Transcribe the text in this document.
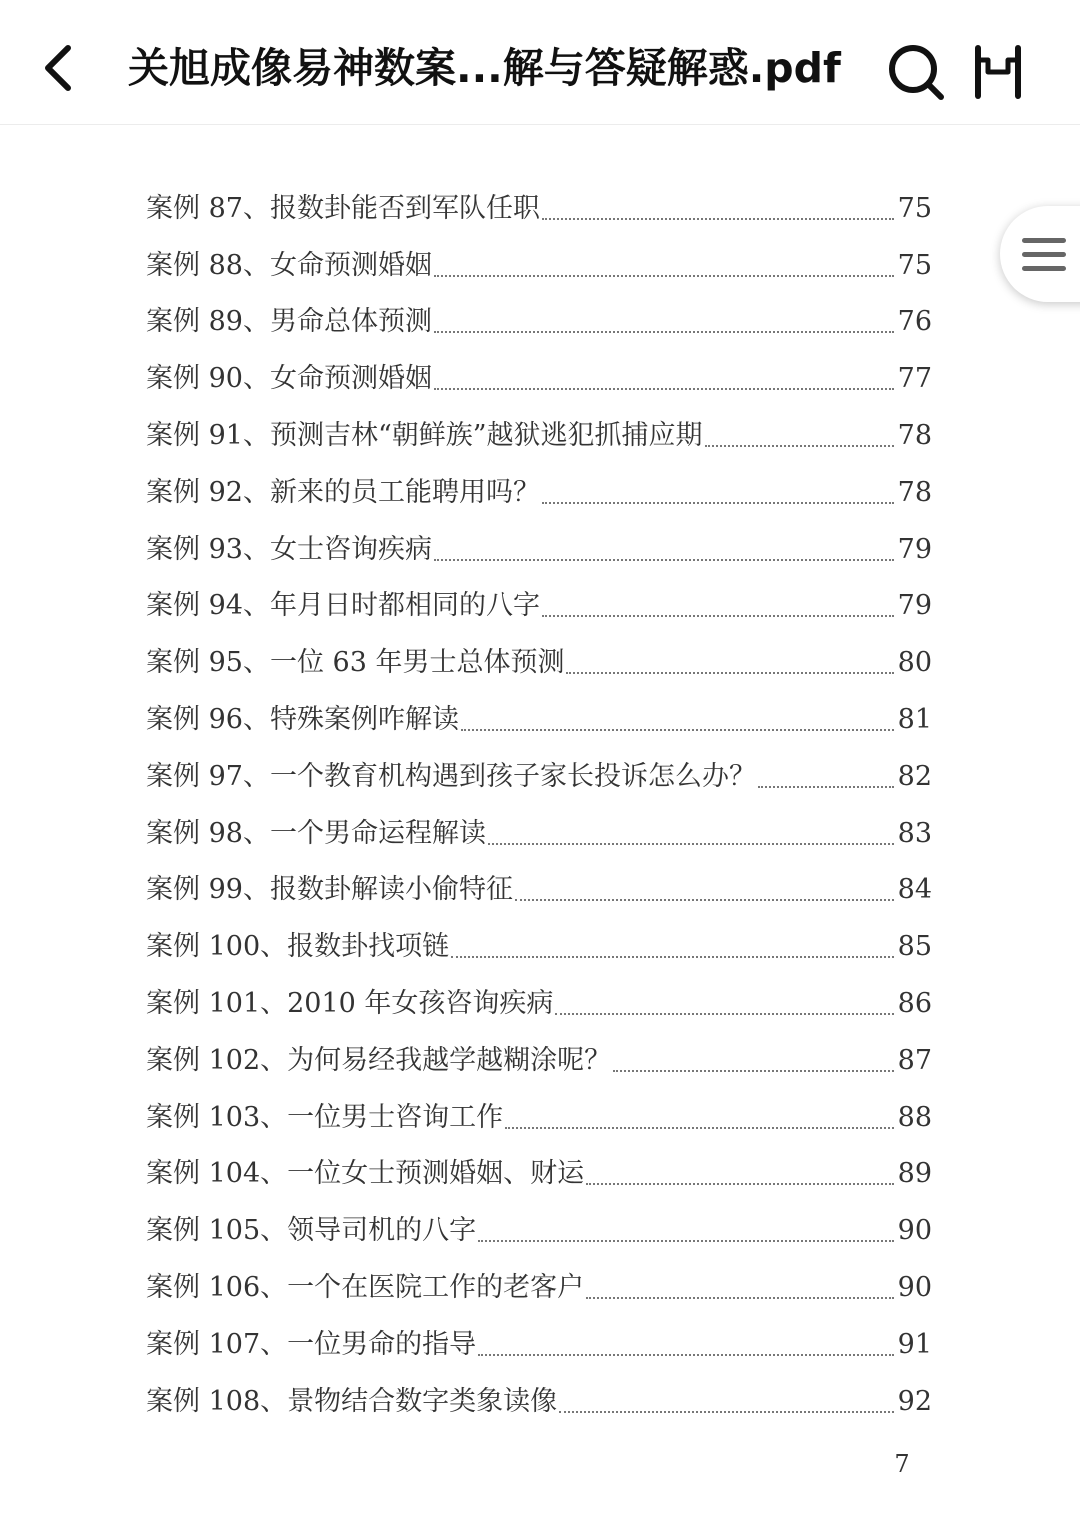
关旭成像易神数案...解与答疑解惑.pdf
案例 87、报数卦能否到军队任职	75
案例 88、女命预测婚姻	75
案例 89、男命总体预测	76
案例 90、女命预测婚姻	77
案例 91、预测吉林“朝鲜族”越狱逃犯抓捕应期	78
案例 92、新来的员工能聘用吗？	78
案例 93、女士咨询疾病	79
案例 94、年月日时都相同的八字	79
案例 95、一位 63 年男士总体预测	80
案例 96、特殊案例咋解读	81
案例 97、一个教育机构遇到孩子家长投诉怎么办？	82
案例 98、一个男命运程解读	83
案例 99、报数卦解读小偷特征	84
案例 100、报数卦找项链	85
案例 101、2010 年女孩咨询疾病	86
案例 102、为何易经我越学越糊涂呢？	87
案例 103、一位男士咨询工作	88
案例 104、一位女士预测婚姻、财运	89
案例 105、领导司机的八字	90
案例 106、一个在医院工作的老客户	90
案例 107、一位男命的指导	91
案例 108、景物结合数字类象读像	92
7
